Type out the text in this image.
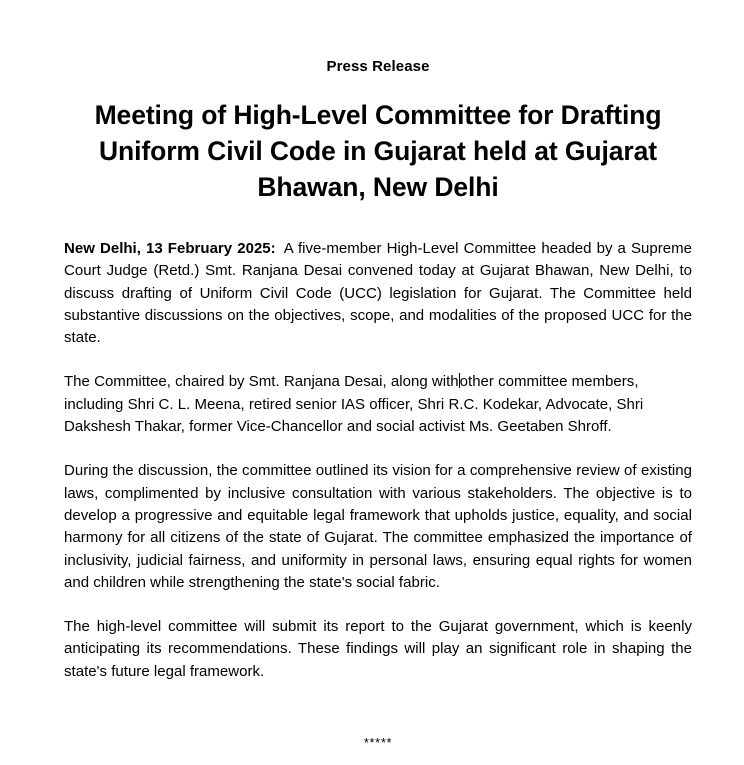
Press Release

Meeting of High-Level Committee for Drafting
Uniform Civil Code in Gujarat held at Gujarat
Bhawan, New Delhi

New Delhi, 13 February 2025: A five-member High-Level Committee headed by a Supreme Court Judge (Retd.) Smt. Ranjana Desai convened today at Gujarat Bhawan, New Delhi, to discuss drafting of Uniform Civil Code (UCC) legislation for Gujarat. The Committee held substantive discussions on the objectives, scope, and modalities of the proposed UCC for the state.

The Committee, chaired by Smt. Ranjana Desai, along withother committee members, including Shri C. L. Meena, retired senior IAS officer, Shri R.C. Kodekar, Advocate, Shri Dakshesh Thakar, former Vice-Chancellor and social activist Ms. Geetaben Shroff.

During the discussion, the committee outlined its vision for a comprehensive review of existing laws, complimented by inclusive consultation with various stakeholders. The objective is to develop a progressive and equitable legal framework that upholds justice, equality, and social harmony for all citizens of the state of Gujarat. The committee emphasized the importance of inclusivity, judicial fairness, and uniformity in personal laws, ensuring equal rights for women and children while strengthening the state's social fabric.

The high-level committee will submit its report to the Gujarat government, which is keenly anticipating its recommendations. These findings will play an significant role in shaping the state's future legal framework.

*****
